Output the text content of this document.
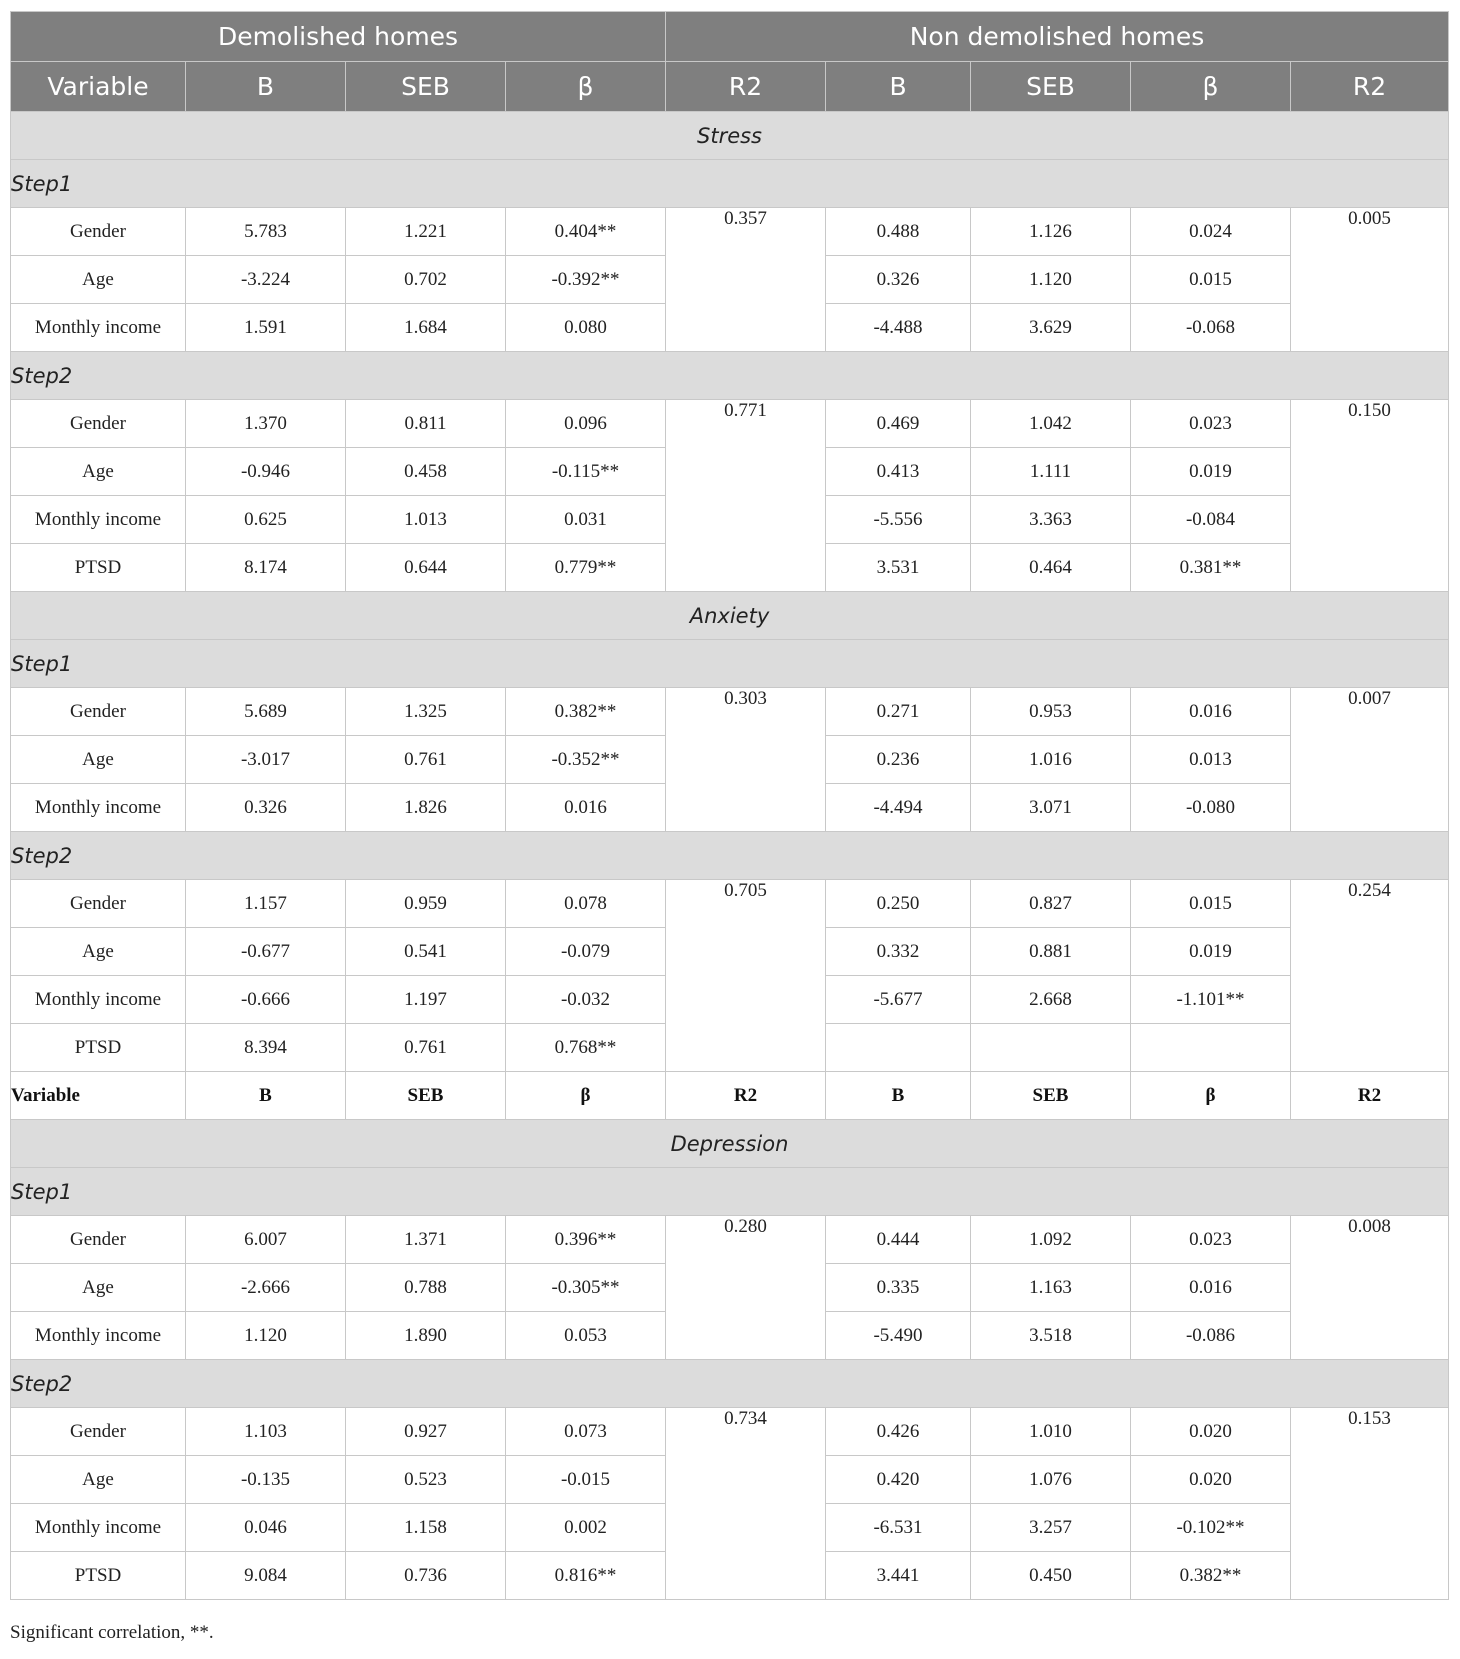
Demolished homes				Non demolished homes				
Variable	B	SEB	β	R2	B	SEB	β	R2
Stress								
Step1								
Gender	5.783	1.221	0.404**	0.357	0.488	1.126	0.024	0.005
Age	-3.224	0.702	-0.392**		0.326	1.120	0.015	
Monthly income	1.591	1.684	0.080		-4.488	3.629	-0.068	
Step2								
Gender	1.370	0.811	0.096	0.771	0.469	1.042	0.023	0.150
Age	-0.946	0.458	-0.115**		0.413	1.111	0.019	
Monthly income	0.625	1.013	0.031		-5.556	3.363	-0.084	
PTSD	8.174	0.644	0.779**		3.531	0.464	0.381**	
Anxiety								
Step1								
Gender	5.689	1.325	0.382**	0.303	0.271	0.953	0.016	0.007
Age	-3.017	0.761	-0.352**		0.236	1.016	0.013	
Monthly income	0.326	1.826	0.016		-4.494	3.071	-0.080	
Step2								
Gender	1.157	0.959	0.078	0.705	0.250	0.827	0.015	0.254
Age	-0.677	0.541	-0.079		0.332	0.881	0.019	
Monthly income	-0.666	1.197	-0.032		-5.677	2.668	-1.101**	
PTSD	8.394	0.761	0.768**					
Variable	B	SEB	β	R2	B	SEB	β	R2
Depression								
Step1								
Gender	6.007	1.371	0.396**	0.280	0.444	1.092	0.023	0.008
Age	-2.666	0.788	-0.305**		0.335	1.163	0.016	
Monthly income	1.120	1.890	0.053		-5.490	3.518	-0.086	
Step2								
Gender	1.103	0.927	0.073	0.734	0.426	1.010	0.020	0.153
Age	-0.135	0.523	-0.015		0.420	1.076	0.020	
Monthly income	0.046	1.158	0.002		-6.531	3.257	-0.102**	
PTSD	9.084	0.736	0.816**		3.441	0.450	0.382**	
Significant correlation, **.
